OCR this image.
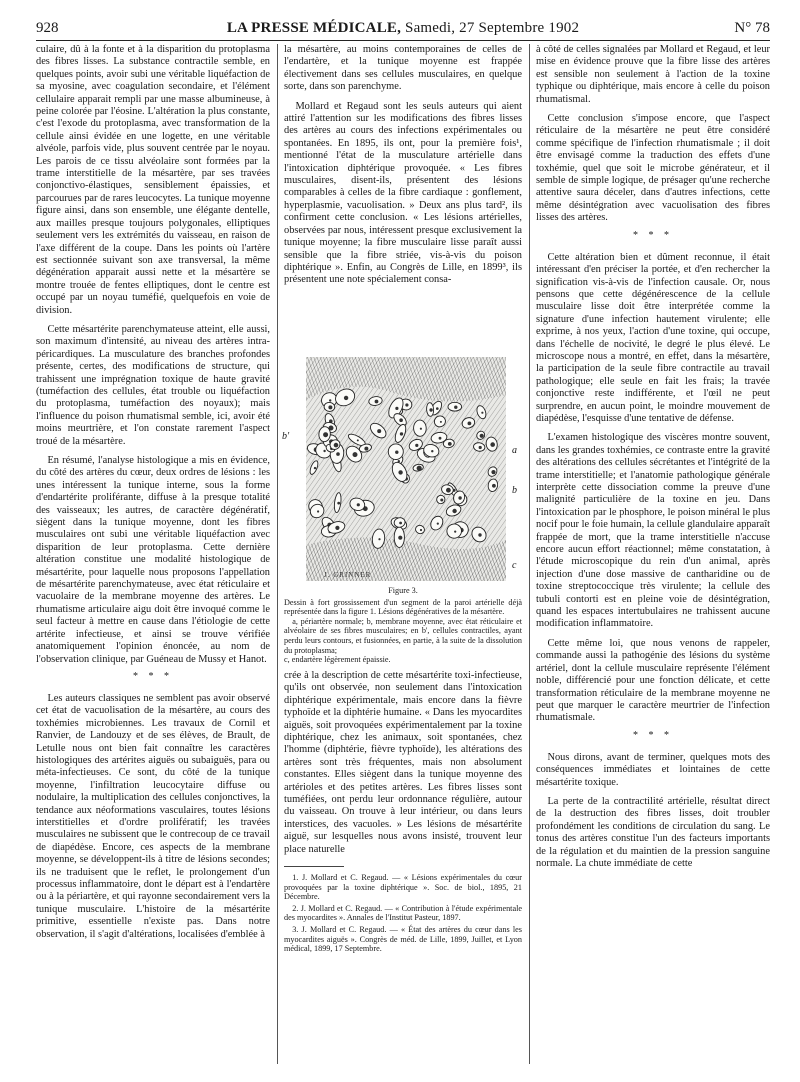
928	LA PRESSE MÉDICALE, Samedi, 27 Septembre 1902	N° 78

culaire, dû à la fonte et à la disparition du protoplasma des fibres lisses. La substance contractile semble, en quelques points, avoir subi une véritable liquéfaction de sa myosine, avec coagulation secondaire, et l'élément cellulaire apparait rempli par une masse albumineuse, à peine colorée par l'éosine. L'altération la plus constante, c'est l'exode du protoplasma, avec transformation de la cellule ainsi évidée en une logette, en une véritable alvéole, parfois vide, plus souvent centrée par le noyau. Les parois de ce tissu alvéolaire sont formées par la trame interstitielle de la mésartère, par ses travées conjonctivo-élastiques, sensiblement épaissies, et parcourues par de rares leucocytes. La tunique moyenne figure ainsi, dans son ensemble, une élégante dentelle, aux mailles presque toujours polygonales, elliptiques seulement vers les extrémités du vaisseau, en raison de l'axe différent de la coupe. Dans les points où l'artère est sectionnée suivant son axe transversal, la même dégénération apparait aussi nette et la mésartère se montre trouée de fentes elliptiques, dont le centre est occupé par un noyau tuméfié, quelquefois en voie de division.

Cette mésartérite parenchymateuse atteint, elle aussi, son maximum d'intensité, au niveau des artères intra-péricardiques. La musculature des branches profondes présente, certes, des modifications de structure, qui trahissent une imprégnation toxique de haute gravité (tuméfaction des cellules, état trouble ou liquéfaction du protoplasma, tuméfaction des noyaux); mais l'influence du poison rhumatismal semble, ici, avoir été moins meurtrière, et l'on constate rarement l'aspect troué de la mésartère.

En résumé, l'analyse histologique a mis en évidence, du côté des artères du cœur, deux ordres de lésions : les unes intéressent la tunique interne, sous la forme d'endartérite proliférante, diffuse à la presque totalité des vaisseaux; les autres, de caractère dégénératif, siègent dans la tunique moyenne, dont les fibres musculaires ont subi une véritable liquéfaction avec disparition de leur protoplasma. Cette dernière altération constitue une modalité histologique de mésartérite, pour laquelle nous proposons l'appellation de mésartérite parenchymateuse, avec état réticulaire et vacuolaire de la membrane moyenne des artères. Le rhumatisme articulaire aigu doit être invoqué comme le seul facteur à mettre en cause dans l'étiologie de cette artérite infectieuse, et ainsi se trouve vérifiée anatomiquement l'opinion énoncée, au nom de l'observation clinique, par Guéneau de Mussy et Hanot.

* * *

Les auteurs classiques ne semblent pas avoir observé cet état de vacuolisation de la mésartère, au cours des toxhémies microbiennes. Les travaux de Cornil et Ranvier, de Landouzy et de ses élèves, de Brault, de Letulle nous ont bien fait connaître les caractères histologiques des artérites aiguës ou subaiguës, para ou méta-infectieuses. Ce sont, du côté de la tunique moyenne, l'infiltration leucocytaire diffuse ou nodulaire, la multiplication des cellules conjonctives, la tendance aux néoformations vasculaires, toutes lésions interstitielles et d'ordre prolifératif; les travées musculaires ne subissent que le contrecoup de ce travail de diapédèse. Encore, ces aspects de la membrane moyenne, se développent-ils à titre de lésions secondes; ils ne traduisent que le reflet, le prolongement d'un processus inflammatoire, dont le départ est à l'endartère ou à la périartère, et qui rayonne secondairement vers la tunique musculaire. L'histoire de la mésartérite primitive, essentielle n'existe pas. Dans notre observation, il s'agit d'altérations, localisées d'emblée à

la mésartère, au moins contemporaines de celles de l'endartère, et la tunique moyenne est frappée électivement dans ses cellules musculaires, en quelque sorte, dans son parenchyme.

Mollard et Regaud sont les seuls auteurs qui aient attiré l'attention sur les modifications des fibres lisses des artères au cours des infections expérimentales ou spontanées. En 1895, ils ont, pour la première fois¹, mentionné l'état de la musculature artérielle dans l'intoxication diphtérique provoquée. « Les fibres musculaires, disent-ils, présentent des lésions comparables à celles de la fibre cardiaque : gonflement, hyperplasmie, vacuolisation. » Deux ans plus tard², ils confirment cette conclusion. « Les lésions artérielles, observées par nous, intéressent presque exclusivement la tunique moyenne; la fibre musculaire lisse paraît aussi sensible que la fibre striée, vis-à-vis du poison diphtérique ». Enfin, au Congrès de Lille, en 1899³, ils présentent une note spécialement consa-

b'
a
b
c
J. GRINNER
Figure 3.

Dessin à fort grossissement d'un segment de la paroi artérielle déjà représentée dans la figure 1. Lésions dégénératives de la mésartère.
a, périartère normale; b, membrane moyenne, avec état réticulaire et alvéolaire de ses fibres musculaires; en b', cellules contractiles, ayant perdu leurs contours, et fusionnées, en partie, à la suite de la dissolution du protoplasma;
c, endartère légèrement épaissie.

crée à la description de cette mésartérite toxi-infectieuse, qu'ils ont observée, non seulement dans l'intoxication diphtérique expérimentale, mais encore dans la fièvre typhoïde et la diphtérie humaine. « Dans les myocardites aiguës, soit provoquées expérimentalement par la toxine diphtérique, chez les animaux, soit spontanées, chez l'homme (diphtérie, fièvre typhoïde), les altérations des artères sont très fréquentes, mais non absolument constantes. Elles siègent dans la tunique moyenne des artérioles et des petites artères. Les fibres lisses sont tuméfiées, ont perdu leur ordonnance régulière, autour du vaisseau. On trouve à leur intérieur, ou dans leurs interstices, des vacuoles. » Les lésions de mésartérite aiguë, sur lesquelles nous avons insisté, trouvent leur place naturelle

1. J. Mollard et C. Regaud. — « Lésions expérimentales du cœur provoquées par la toxine diphtérique ». Soc. de biol., 1895, 21 Décembre.
2. J. Mollard et C. Regaud. — « Contribution à l'étude expérimentale des myocardites ». Annales de l'Institut Pasteur, 1897.
3. J. Mollard et C. Regaud. — « État des artères du cœur dans les myocardites aiguës ». Congrès de méd. de Lille, 1899, Juillet, et Lyon médical, 1899, 17 Septembre.

à côté de celles signalées par Mollard et Regaud, et leur mise en évidence prouve que la fibre lisse des artères est sensible non seulement à l'action de la toxine typhique ou diphtérique, mais encore à celle du poison rhumatismal.

Cette conclusion s'impose encore, que l'aspect réticulaire de la mésartère ne peut être considéré comme spécifique de l'infection rhumatismale ; il doit être envisagé comme la traduction des effets d'une toxhémie, quel que soit le microbe générateur, et il semble de simple logique, de présager qu'une recherche attentive saura déceler, dans d'autres infections, cette même désintégration avec vacuolisation des fibres lisses des artères.

* * *

Cette altération bien et dûment reconnue, il était intéressant d'en préciser la portée, et d'en rechercher la signification vis-à-vis de l'infection causale. Or, nous pensons que cette dégénérescence de la cellule musculaire lisse doit être interprétée comme la signature d'une infection hautement virulente; elle exprime, à nos yeux, l'action d'une toxine, qui occupe, dans l'échelle de nocivité, le degré le plus élevé. Le microscope nous a montré, en effet, dans la mésartère, la participation de la seule fibre contractile au travail pathologique; elle seule en fait les frais; la travée conjonctive reste indifférente, et l'œil ne peut surprendre, en aucun point, le moindre mouvement de diapédèse, l'esquisse d'une tentative de défense.

L'examen histologique des viscères montre souvent, dans les grandes toxhémies, ce contraste entre la gravité des altérations des cellules sécrétantes et l'intégrité de la trame interstitielle; et l'anatomie pathologique générale interprète cette dissociation comme la preuve d'une malignité particulière de la toxine en jeu. Dans l'intoxication par le phosphore, le poison minéral le plus nocif pour le foie humain, la cellule glandulaire apparaît frappée de mort, que la trame interstitielle n'accuse encore aucun effort réactionnel; même constatation, à l'étude microscopique du rein d'un animal, après injection d'une dose massive de cantharidine ou de toxine streptococcique très virulente; la cellule des tubuli contorti est en pleine voie de désintégration, quand les espaces intertubulaires ne trahissent aucune modification inflammatoire.

Cette même loi, que nous venons de rappeler, commande aussi la pathogénie des lésions du système artériel, dont la cellule musculaire représente l'élément noble, différencié pour une fonction délicate, et cette transformation réticulaire de la membrane moyenne ne peut que marquer le caractère meurtrier de l'infection rhumatismale.

* * *

Nous dirons, avant de terminer, quelques mots des conséquences immédiates et lointaines de cette mésartérite toxique.

La perte de la contractilité artérielle, résultat direct de la destruction des fibres lisses, doit troubler profondément les conditions de circulation du sang. Le tonus des artères constitue l'un des facteurs importants de la régulation et du maintien de la pression sanguine normale. La chute immédiate de cette
